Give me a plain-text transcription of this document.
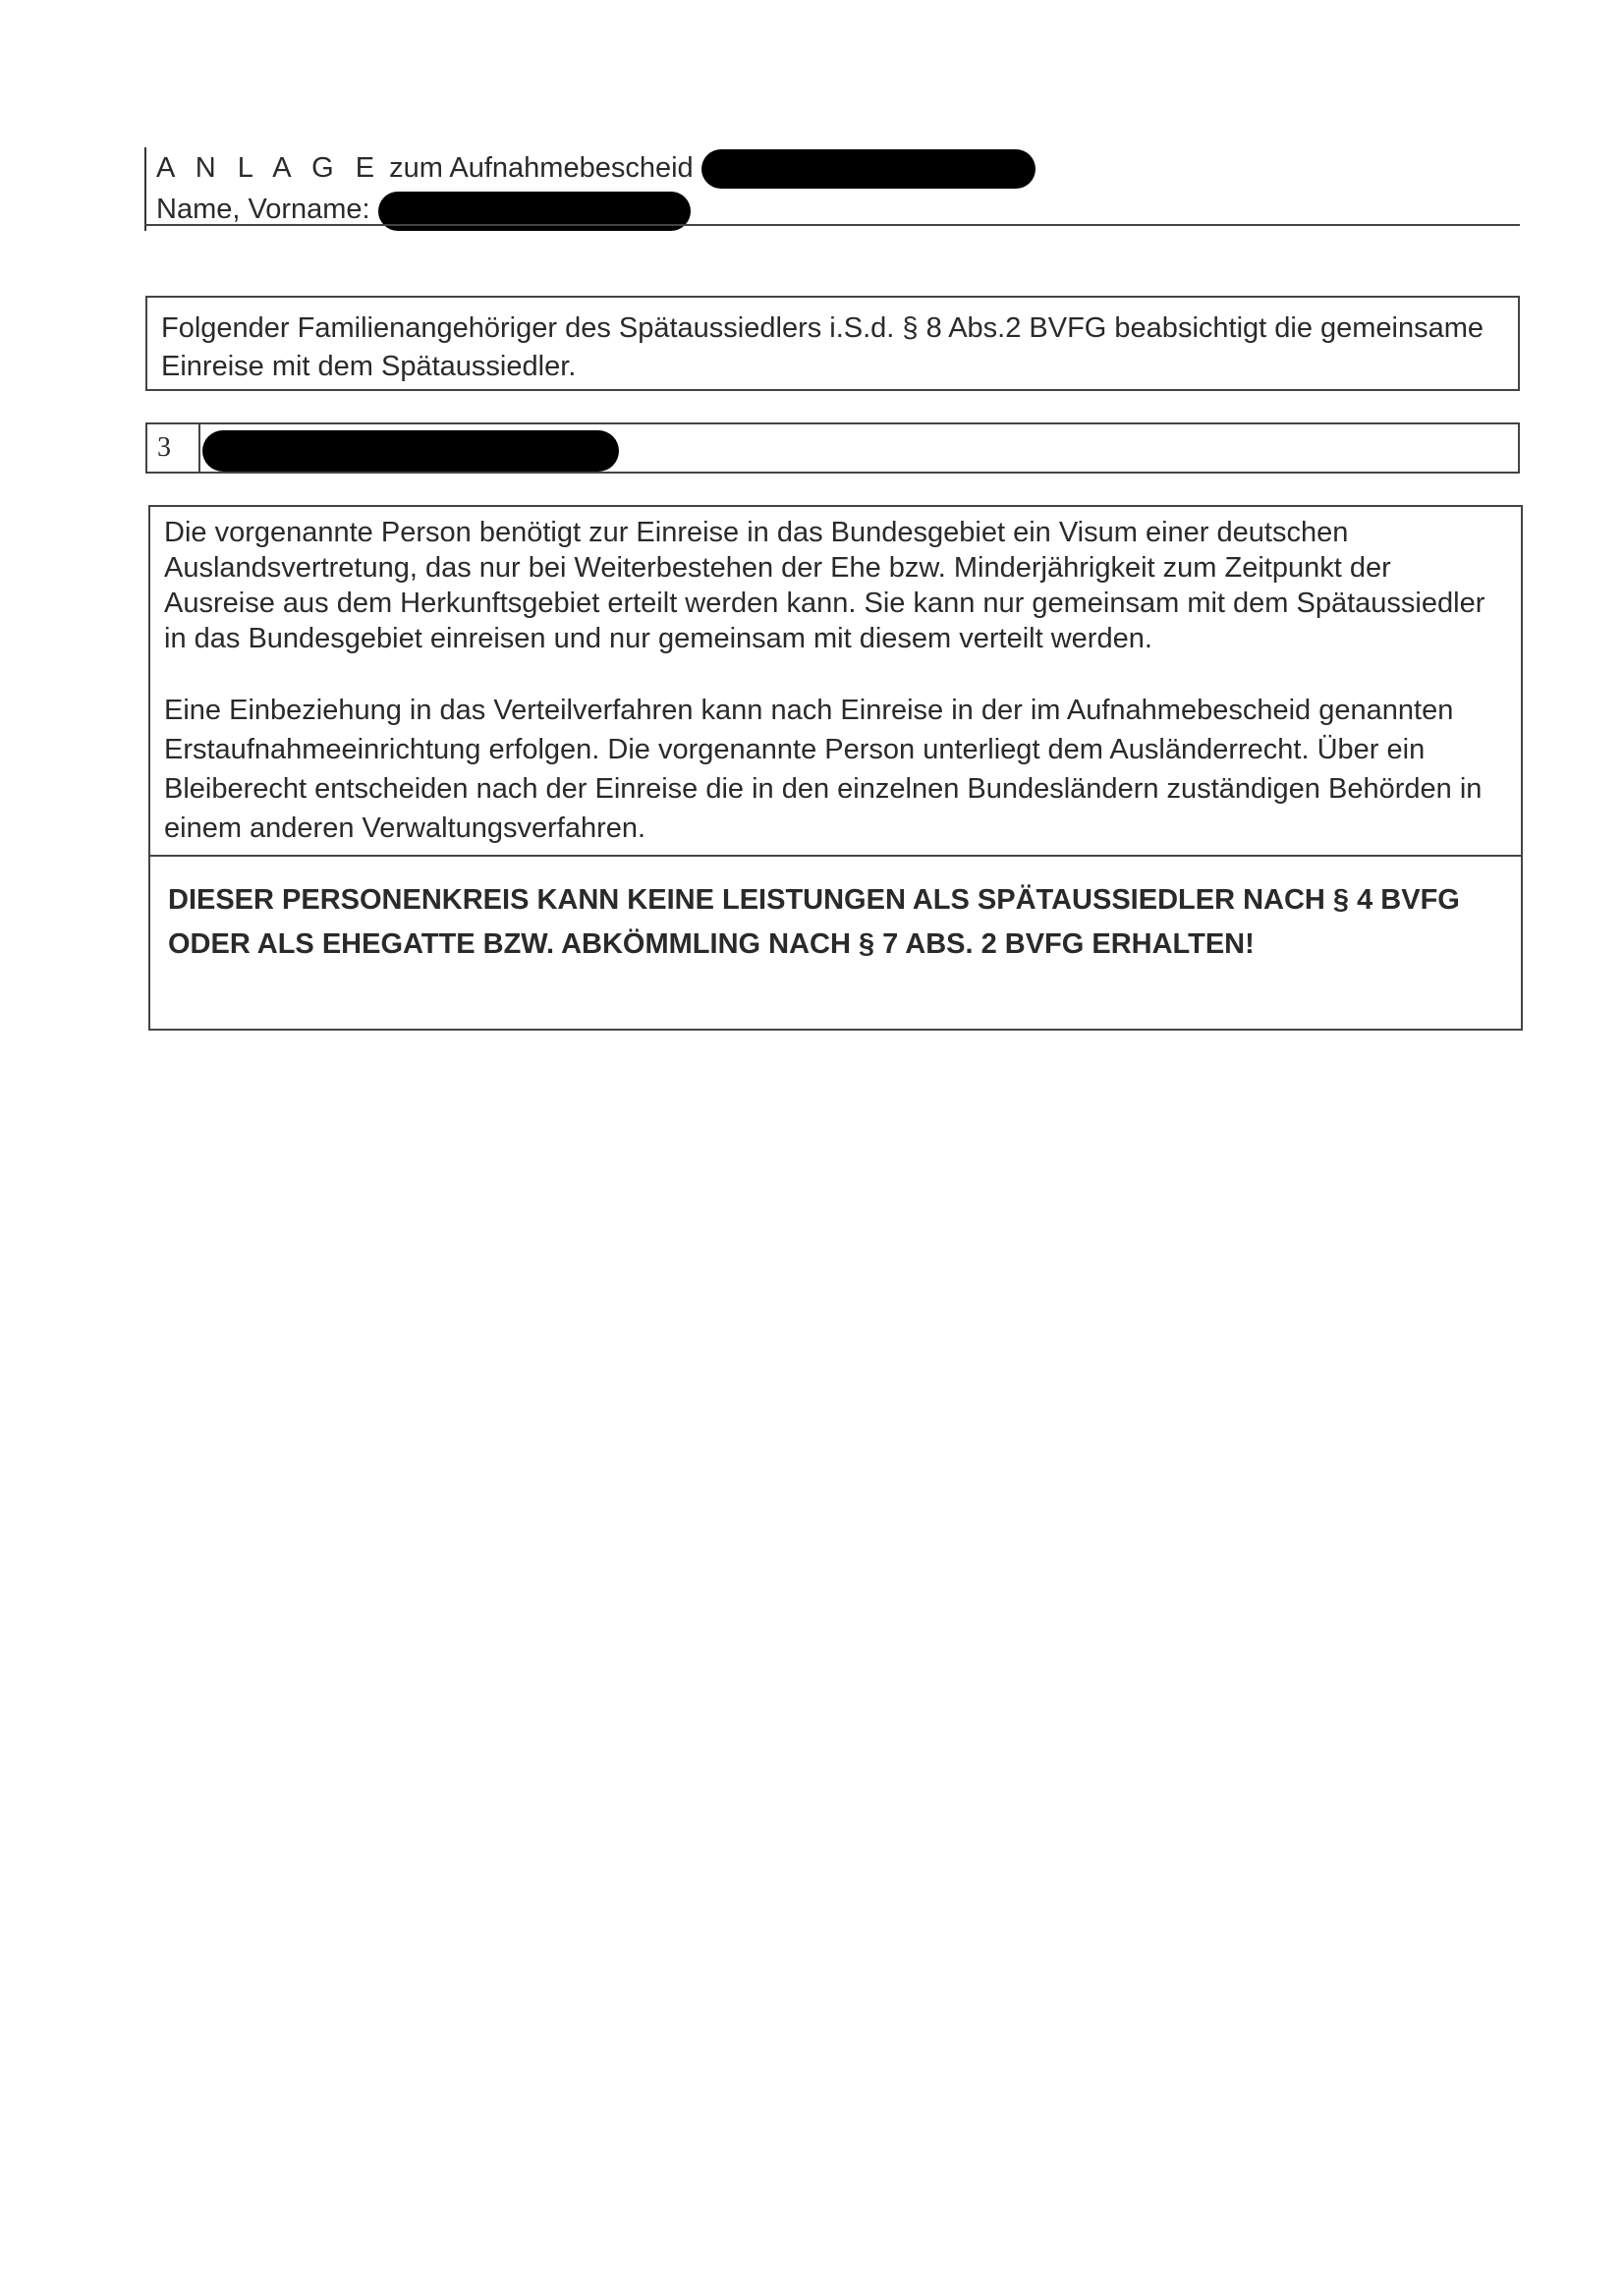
A N L A G E zum Aufnahmebescheid
Name, Vorname:
Folgender Familienangehöriger des Spätaussiedlers i.S.d. § 8 Abs.2 BVFG beabsichtigt die gemeinsame Einreise mit dem Spätaussiedler.
3

Die vorgenannte Person benötigt zur Einreise in das Bundesgebiet ein Visum einer deutschen Auslandsvertretung, das nur bei Weiterbestehen der Ehe bzw. Minderjährigkeit zum Zeitpunkt der Ausreise aus dem Herkunftsgebiet erteilt werden kann. Sie kann nur gemeinsam mit dem Spätaussiedler in das Bundesgebiet einreisen und nur gemeinsam mit diesem verteilt werden.

Eine Einbeziehung in das Verteilverfahren kann nach Einreise in der im Aufnahmebescheid genannten Erstaufnahmeeinrichtung erfolgen. Die vorgenannte Person unterliegt dem Ausländerrecht. Über ein Bleiberecht entscheiden nach der Einreise die in den einzelnen Bundesländern zuständigen Behörden in einem anderen Verwaltungsverfahren.

DIESER PERSONENKREIS KANN KEINE LEISTUNGEN ALS SPÄTAUSSIEDLER NACH § 4 BVFG ODER ALS EHEGATTE BZW. ABKÖMMLING NACH § 7 ABS. 2 BVFG ERHALTEN!
